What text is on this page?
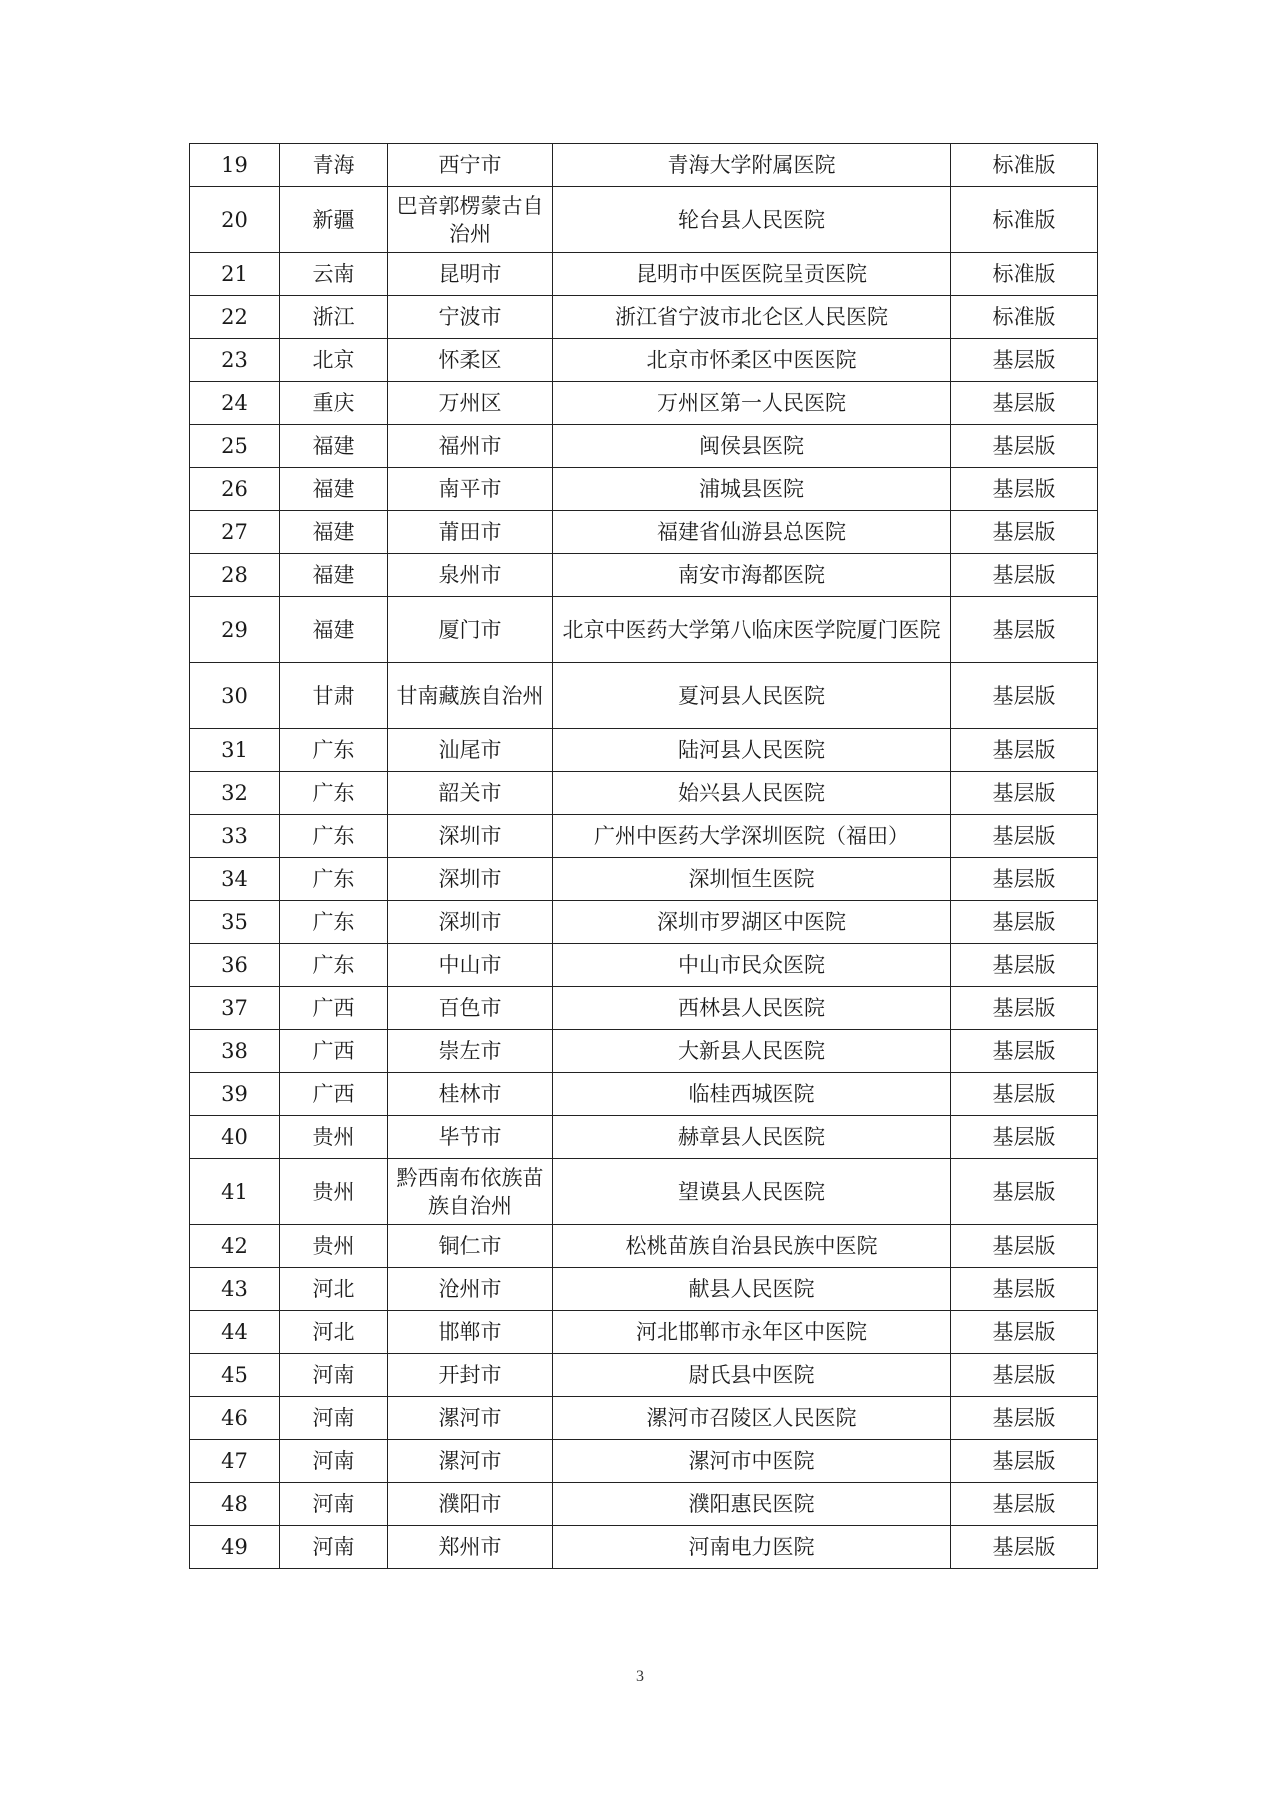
19	青海	西宁市	青海大学附属医院	标准版
20	新疆	巴音郭楞蒙古自治州	轮台县人民医院	标准版
21	云南	昆明市	昆明市中医医院呈贡医院	标准版
22	浙江	宁波市	浙江省宁波市北仑区人民医院	标准版
23	北京	怀柔区	北京市怀柔区中医医院	基层版
24	重庆	万州区	万州区第一人民医院	基层版
25	福建	福州市	闽侯县医院	基层版
26	福建	南平市	浦城县医院	基层版
27	福建	莆田市	福建省仙游县总医院	基层版
28	福建	泉州市	南安市海都医院	基层版
29	福建	厦门市	北京中医药大学第八临床医学院厦门医院	基层版
30	甘肃	甘南藏族自治州	夏河县人民医院	基层版
31	广东	汕尾市	陆河县人民医院	基层版
32	广东	韶关市	始兴县人民医院	基层版
33	广东	深圳市	广州中医药大学深圳医院（福田）	基层版
34	广东	深圳市	深圳恒生医院	基层版
35	广东	深圳市	深圳市罗湖区中医院	基层版
36	广东	中山市	中山市民众医院	基层版
37	广西	百色市	西林县人民医院	基层版
38	广西	崇左市	大新县人民医院	基层版
39	广西	桂林市	临桂西城医院	基层版
40	贵州	毕节市	赫章县人民医院	基层版
41	贵州	黔西南布依族苗族自治州	望谟县人民医院	基层版
42	贵州	铜仁市	松桃苗族自治县民族中医院	基层版
43	河北	沧州市	献县人民医院	基层版
44	河北	邯郸市	河北邯郸市永年区中医院	基层版
45	河南	开封市	尉氏县中医院	基层版
46	河南	漯河市	漯河市召陵区人民医院	基层版
47	河南	漯河市	漯河市中医院	基层版
48	河南	濮阳市	濮阳惠民医院	基层版
49	河南	郑州市	河南电力医院	基层版
3
